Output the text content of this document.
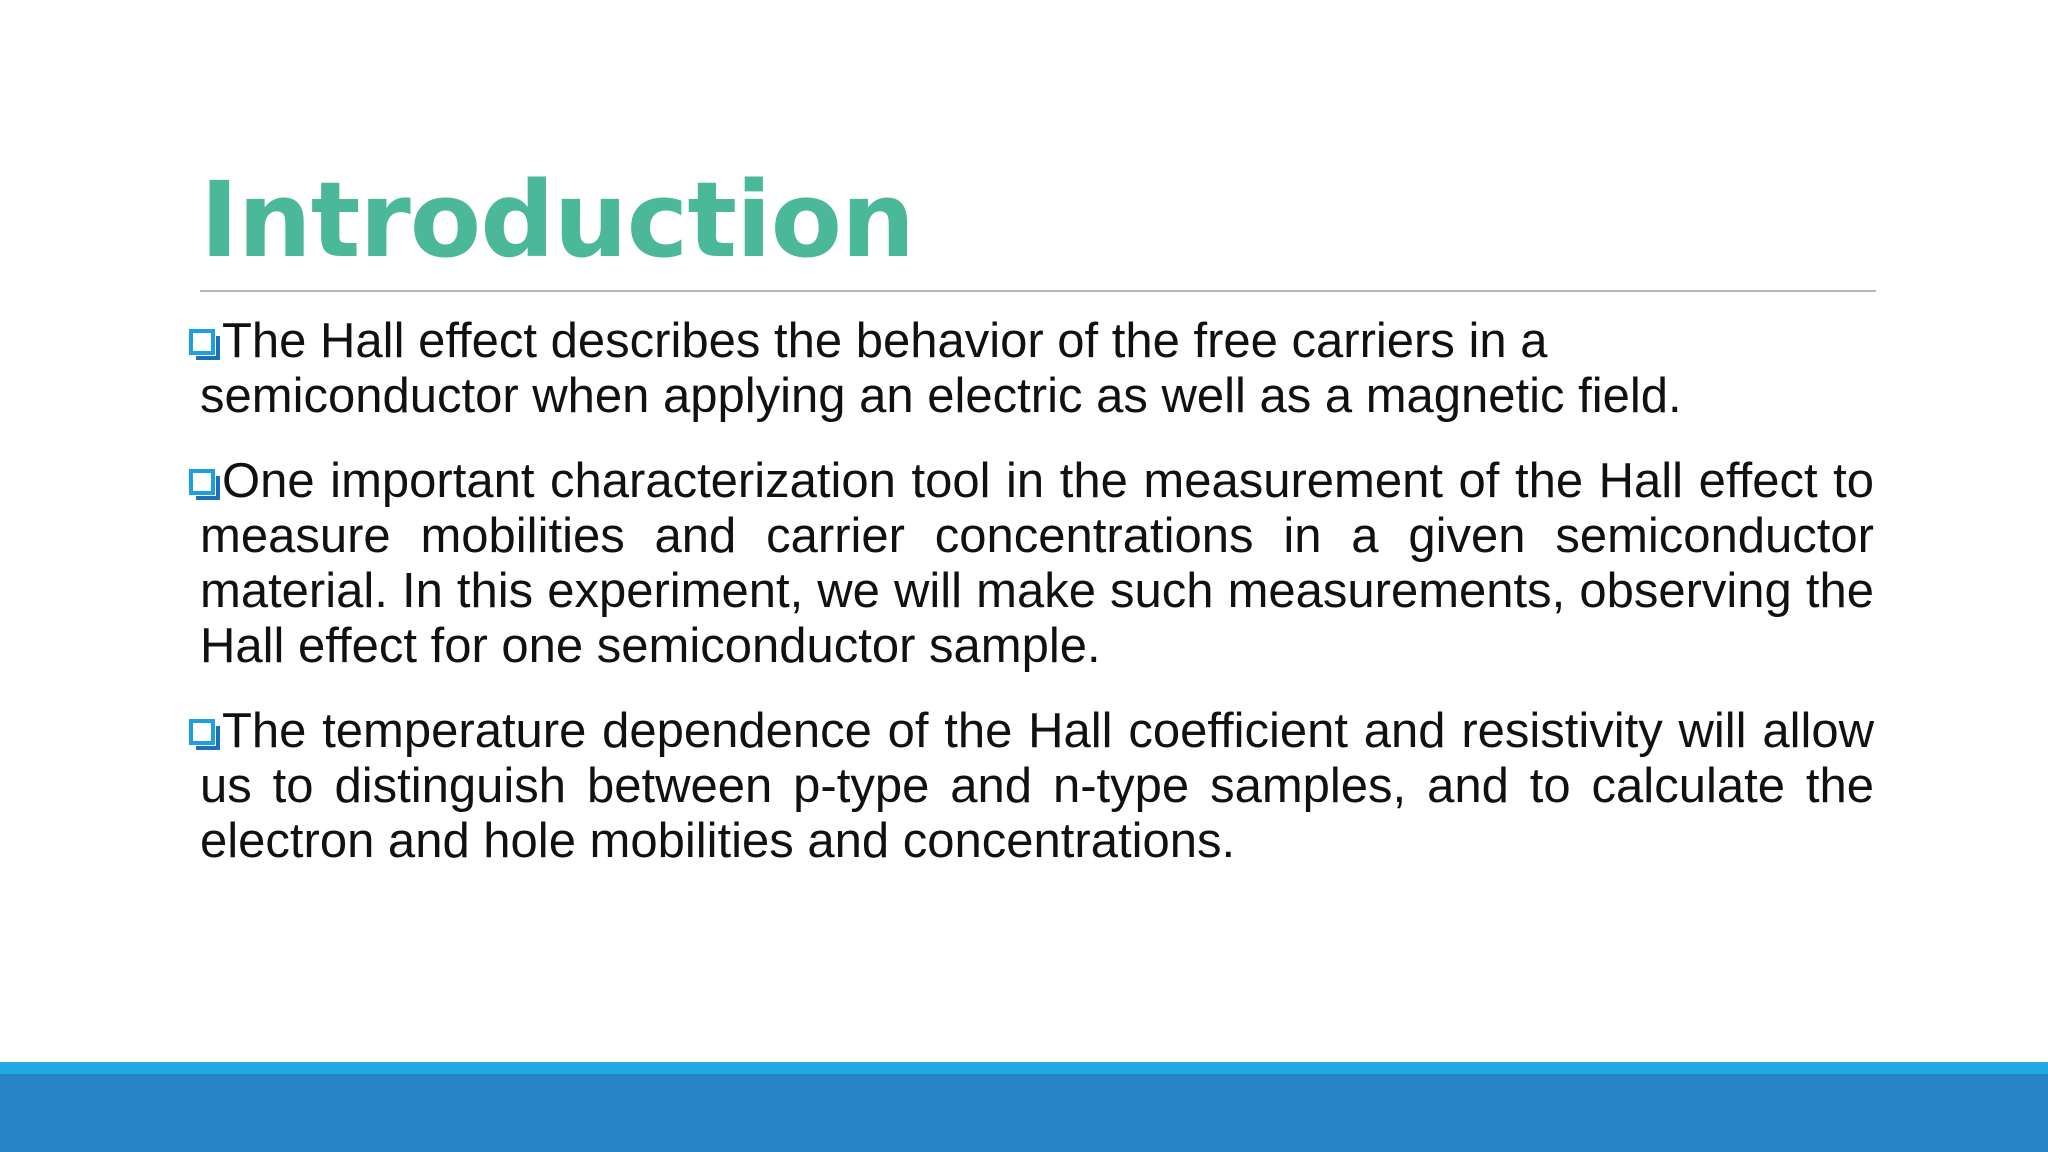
Introduction

The Hall effect describes the behavior of the free carriers in a semiconductor when applying an electric as well as a magnetic field.

One important characterization tool in the measurement of the Hall effect to measure mobilities and carrier concentrations in a given semiconductor material. In this experiment, we will make such measurements, observing the Hall effect for one semiconductor sample.

The temperature dependence of the Hall coefficient and resistivity will allow us to distinguish between p-type and n-type samples, and to calculate the electron and hole mobilities and concentrations.
